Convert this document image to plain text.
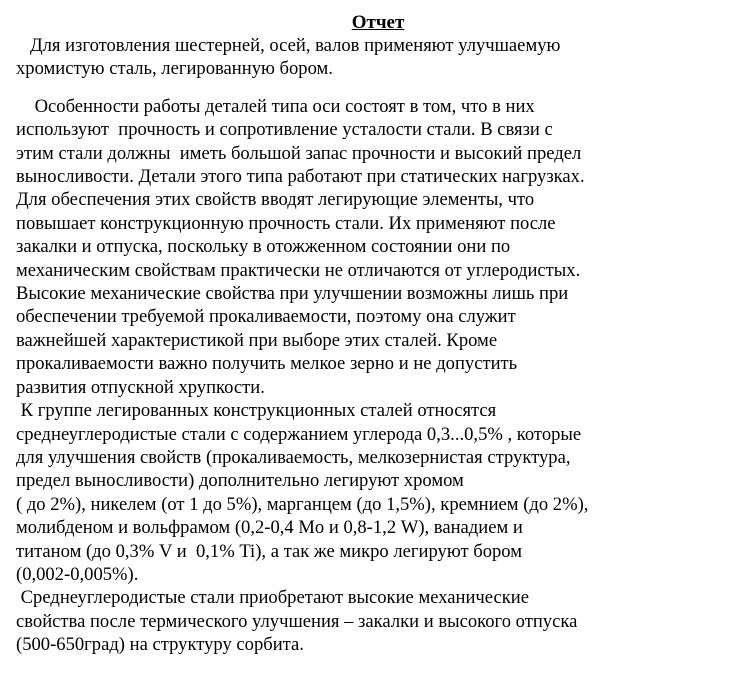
Отчет
Для изготовления шестерней, осей, валов применяют улучшаемую
хромистую сталь, легированную бором.
Особенности работы деталей типа оси состоят в том, что в них
используют  прочность и сопротивление усталости стали. В связи с
этим стали должны  иметь большой запас прочности и высокий предел
выносливости. Детали этого типа работают при статических нагрузках.
Для обеспечения этих свойств вводят легирующие элементы, что
повышает конструкционную прочность стали. Их применяют после
закалки и отпуска, поскольку в отожженном состоянии они по
механическим свойствам практически не отличаются от углеродистых.
Высокие механические свойства при улучшении возможны лишь при
обеспечении требуемой прокаливаемости, поэтому она служит
важнейшей характеристикой при выборе этих сталей. Кроме
прокаливаемости важно получить мелкое зерно и не допустить
развития отпускной хрупкости.
К группе легированных конструкционных сталей относятся
среднеуглеродистые стали с содержанием углерода 0,3...0,5% , которые
для улучшения свойств (прокаливаемость, мелкозернистая структура,
предел выносливости) дополнительно легируют хромом
( до 2%), никелем (от 1 до 5%), марганцем (до 1,5%), кремнием (до 2%),
молибденом и вольфрамом (0,2-0,4 Mo и 0,8-1,2 W), ванадием и
титаном (до 0,3% V и  0,1% Ti), а так же микро легируют бором
(0,002-0,005%).
Среднеуглеродистые стали приобретают высокие механические
свойства после термического улучшения – закалки и высокого отпуска
(500-650град) на структуру сорбита.
